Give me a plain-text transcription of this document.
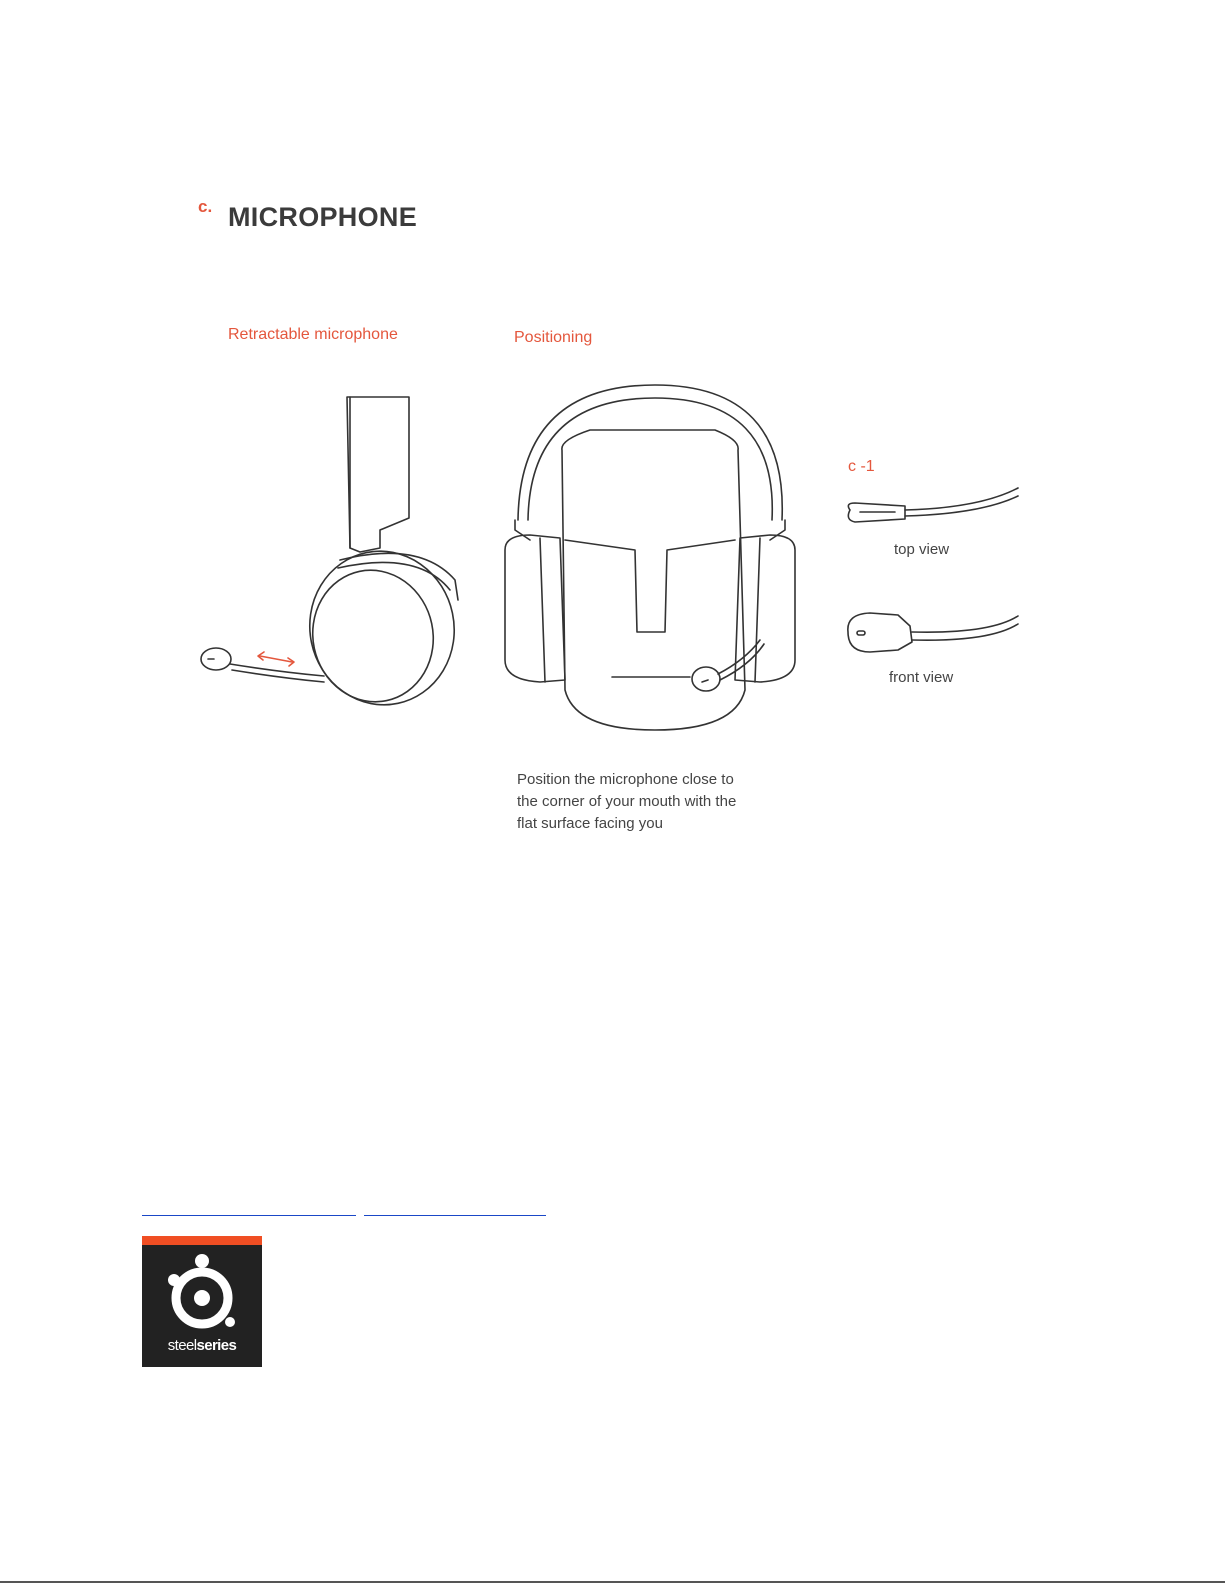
c. MICROPHONE
Retractable microphone	Positioning
c -1
top view
front view
Position the microphone close to
the corner of your mouth with the
flat surface facing you

steelseries
